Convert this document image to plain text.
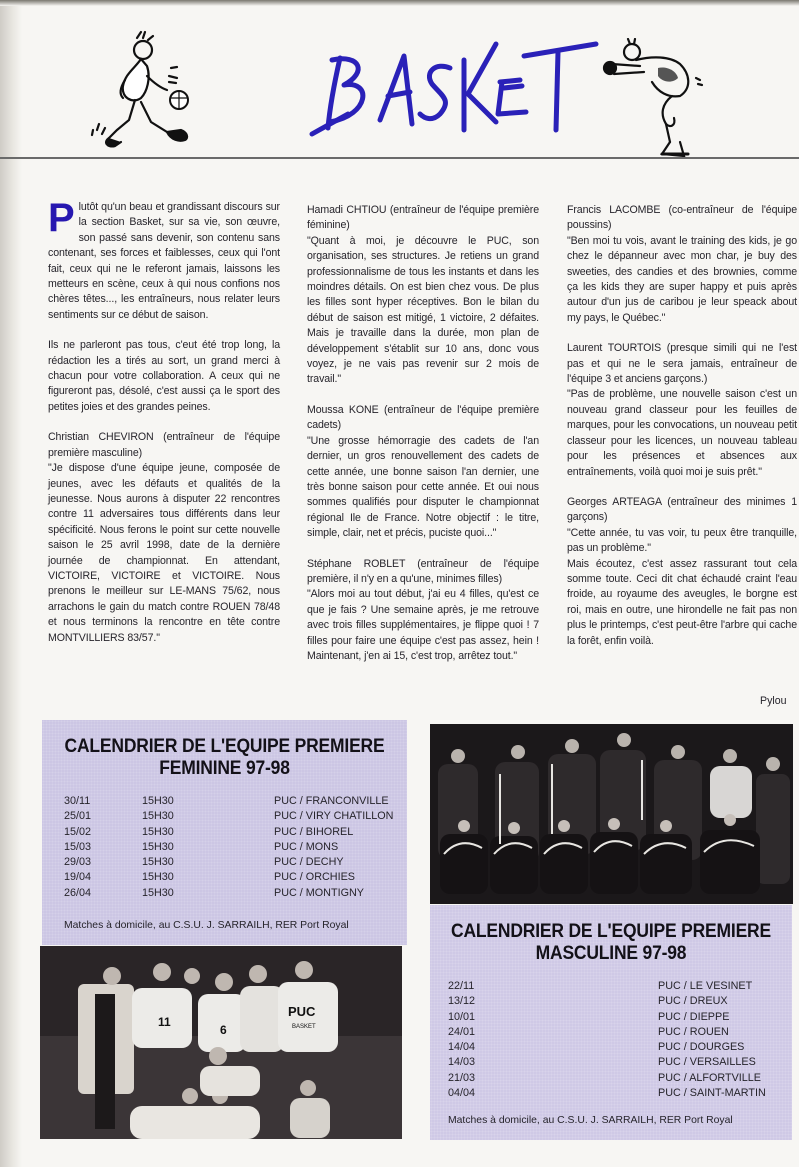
Plutôt qu'un beau et grandissant discours sur la section Basket, sur sa vie, son œuvre, son passé sans devenir, son contenu sans contenant, ses forces et faiblesses, ceux qui l'ont fait, ceux qui ne le referont jamais, laissons les metteurs en scène, ceux à qui nous confions nos chères têtes..., les entraîneurs, nous relater leurs sentiments sur ce début de saison.

Ils ne parleront pas tous, c'eut été trop long, la rédaction les a tirés au sort, un grand merci à chacun pour votre collaboration. A ceux qui ne figureront pas, désolé, c'est aussi ça le sport des petites joies et des grandes peines.

Christian CHEVIRON (entraîneur de l'équipe première masculine)
"Je dispose d'une équipe jeune, composée de jeunes, avec les défauts et qualités de la jeunesse. Nous aurons à disputer 22 rencontres contre 11 adversaires tous différents dans leur spécificité. Nous ferons le point sur cette nouvelle saison le 25 avril 1998, date de la dernière journée de championnat. En attendant, VICTOIRE, VICTOIRE et VICTOIRE. Nous prenons le meilleur sur LE-MANS 75/62, nous arrachons le gain du match contre ROUEN 78/48 et nous terminons la rencontre en tête contre MONTVILLIERS 83/57."

Hamadi CHTIOU (entraîneur de l'équipe première féminine)
"Quant à moi, je découvre le PUC, son organisation, ses structures. Je retiens un grand professionnalisme de tous les instants et dans les moindres détails. On est bien chez vous. De plus les filles sont hyper réceptives. Bon le bilan du début de saison est mitigé, 1 victoire, 2 défaites. Mais je travaille dans la durée, mon plan de développement s'établit sur 10 ans, donc vous voyez, je ne vais pas revenir sur 2 mois de travail."

Moussa KONE (entraîneur de l'équipe première cadets)
"Une grosse hémorragie des cadets de l'an dernier, un gros renouvellement des cadets de cette année, une bonne saison l'an dernier, une très bonne saison pour cette année. Et oui nous sommes qualifiés pour disputer le championnat régional Ile de France. Notre objectif : le titre, simple, clair, net et précis, puciste quoi..."

Stéphane ROBLET (entraîneur de l'équipe première, il n'y en a qu'une, minimes filles)
"Alors moi au tout début, j'ai eu 4 filles, qu'est ce que je fais ? Une semaine après, je me retrouve avec trois filles supplémentaires, je flippe quoi ! 7 filles pour faire une équipe c'est pas assez, hein ! Maintenant, j'en ai 15, c'est trop, arrêtez tout."

Francis LACOMBE (co-entraîneur de l'équipe poussins)
"Ben moi tu vois, avant le training des kids, je go chez le dépanneur avec mon char, je buy des sweeties, des candies et des brownies, comme ça les kids they are super happy et puis après autour d'un jus de caribou je leur speack about my pays, le Québec."

Laurent TOURTOIS (presque simili qui ne l'est pas et qui ne le sera jamais, entraîneur de l'équipe 3 et anciens garçons.)
"Pas de problème, une nouvelle saison c'est un nouveau grand classeur pour les feuilles de marques, pour les convocations, un nouveau petit classeur pour les licences, un nouveau tableau pour les présences et absences aux entraînements, voilà quoi moi je suis prêt."

Georges ARTEAGA (entraîneur des minimes 1 garçons)
"Cette année, tu vas voir, tu peux être tranquille, pas un problème."
Mais écoutez, c'est assez rassurant tout cela somme toute. Ceci dit chat échaudé craint l'eau froide, au royaume des aveugles, le borgne est roi, mais en outre, une hirondelle ne fait pas non plus le printemps, c'est peut-être l'arbre qui cache la forêt, enfin voilà.

Pylou
CALENDRIER DE L'EQUIPE PREMIERE
FEMININE 97-98
30/11	15H30	PUC / FRANCONVILLE
25/01	15H30	PUC / VIRY CHATILLON
15/02	15H30	PUC / BIHOREL
15/03	15H30	PUC / MONS
29/03	15H30	PUC / DECHY
19/04	15H30	PUC / ORCHIES
26/04	15H30	PUC / MONTIGNY
Matches à domicile, au C.S.U. J. SARRAILH, RER Port Royal
11
6
PUC
BASKET
CALENDRIER DE L'EQUIPE PREMIERE
MASCULINE 97-98
22/11	PUC / LE VESINET
13/12	PUC / DREUX
10/01	PUC / DIEPPE
24/01	PUC / ROUEN
14/04	PUC / DOURGES
14/03	PUC / VERSAILLES
21/03	PUC / ALFORTVILLE
04/04	PUC / SAINT-MARTIN
Matches à domicile, au C.S.U. J. SARRAILH, RER Port Royal
